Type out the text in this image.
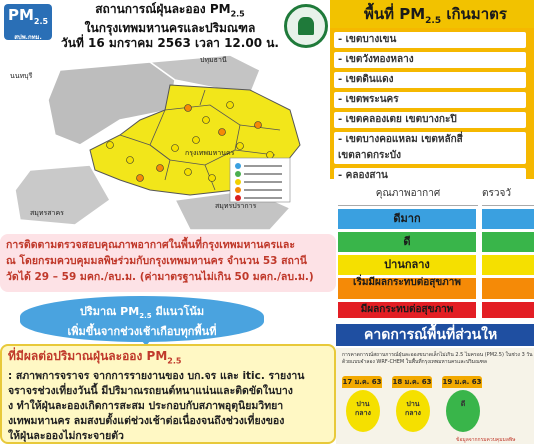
$PM_{2.5}$
สปพ.กทม.
สถานการณ์ฝุ่นละออง $PM_{2.5}$
ในกรุงเทพมหานครและปริมณฑล
วันที่ 16 มกราคม 2563 เวลา 12.00 น.
ปทุมธานี
นนทบุรี
กรุงเทพมหานคร
สมุทรสาคร
สมุทรปราการ
การติดตามตรวจสอบคุณภาพอากาศในพื้นที่กรุงเทพมหานครและ
ณ โดยกรมควบคุมมลพิษร่วมกับกรุงเทพมหานคร จำนวน 53 สถานี
วัดได้ 29 – 59 มคก./ลบ.ม. (ค่ามาตรฐานไม่เกิน 50 มคก./ลบ.ม.)
ปริมาณ $PM_{2.5}$ มีแนวโน้ม
เพิ่มขึ้นจากช่วงเช้าเกือบทุกพื้นที่
ที่มีผลต่อปริมาณฝุ่นละออง $PM_{2.5}$
: สภาพการจราจร จากการรายงานของ บก.จร และ itic. รายงาน
จราจรช่วงเที่ยงวันนี้ มีปริมาณรถยนต์หนาแน่นและติดขัดในบาง
ง ทำให้ฝุ่นละอองเกิดการสะสม ประกอบกับสภาพอุตุนิยมวิทยา
งเทพมหานคร ลมสงบตั้งแต่ช่วงเช้าต่อเนื่องจนถึงช่วงเที่ยงของ
ให้ฝุ่นละอองไม่กระจายตัว
พื้นที่ $PM_{2.5}$ เกินมาตร
- เขตบางเขน
- เขตวังทองหลาง
- เขตดินแดง
- เขตพระนคร
- เขตคลองเตย เขตบางกะปิ
- เขตบางคอแหลม เขตหลักสี่
เขตลาดกระบัง
- คลองสาน
คุณภาพอากาศ	ตรวจวั
ดีมาก
ดี
ปานกลาง
เริ่มมีผลกระทบต่อสุขภาพ
มีผลกระทบต่อสุขภาพ
คาดการณ์พื้นที่ส่วนให
การคาดการณ์สถานการณ์ฝุ่นละอองขนาดเล็กไม่เกิน 2.5 ไมครอน (PM2.5) ในช่วง 3 วัน
ด้วยแบบจำลอง WRF-CHEM ในพื้นที่กรุงเทพมหานครและปริมณฑล
17 ม.ค. 63
ปาน
กลาง
18 ม.ค. 63
ปาน
กลาง
19 ม.ค. 63
ดี
ข้อมูลจากกรมควบคุมมลพิษ
